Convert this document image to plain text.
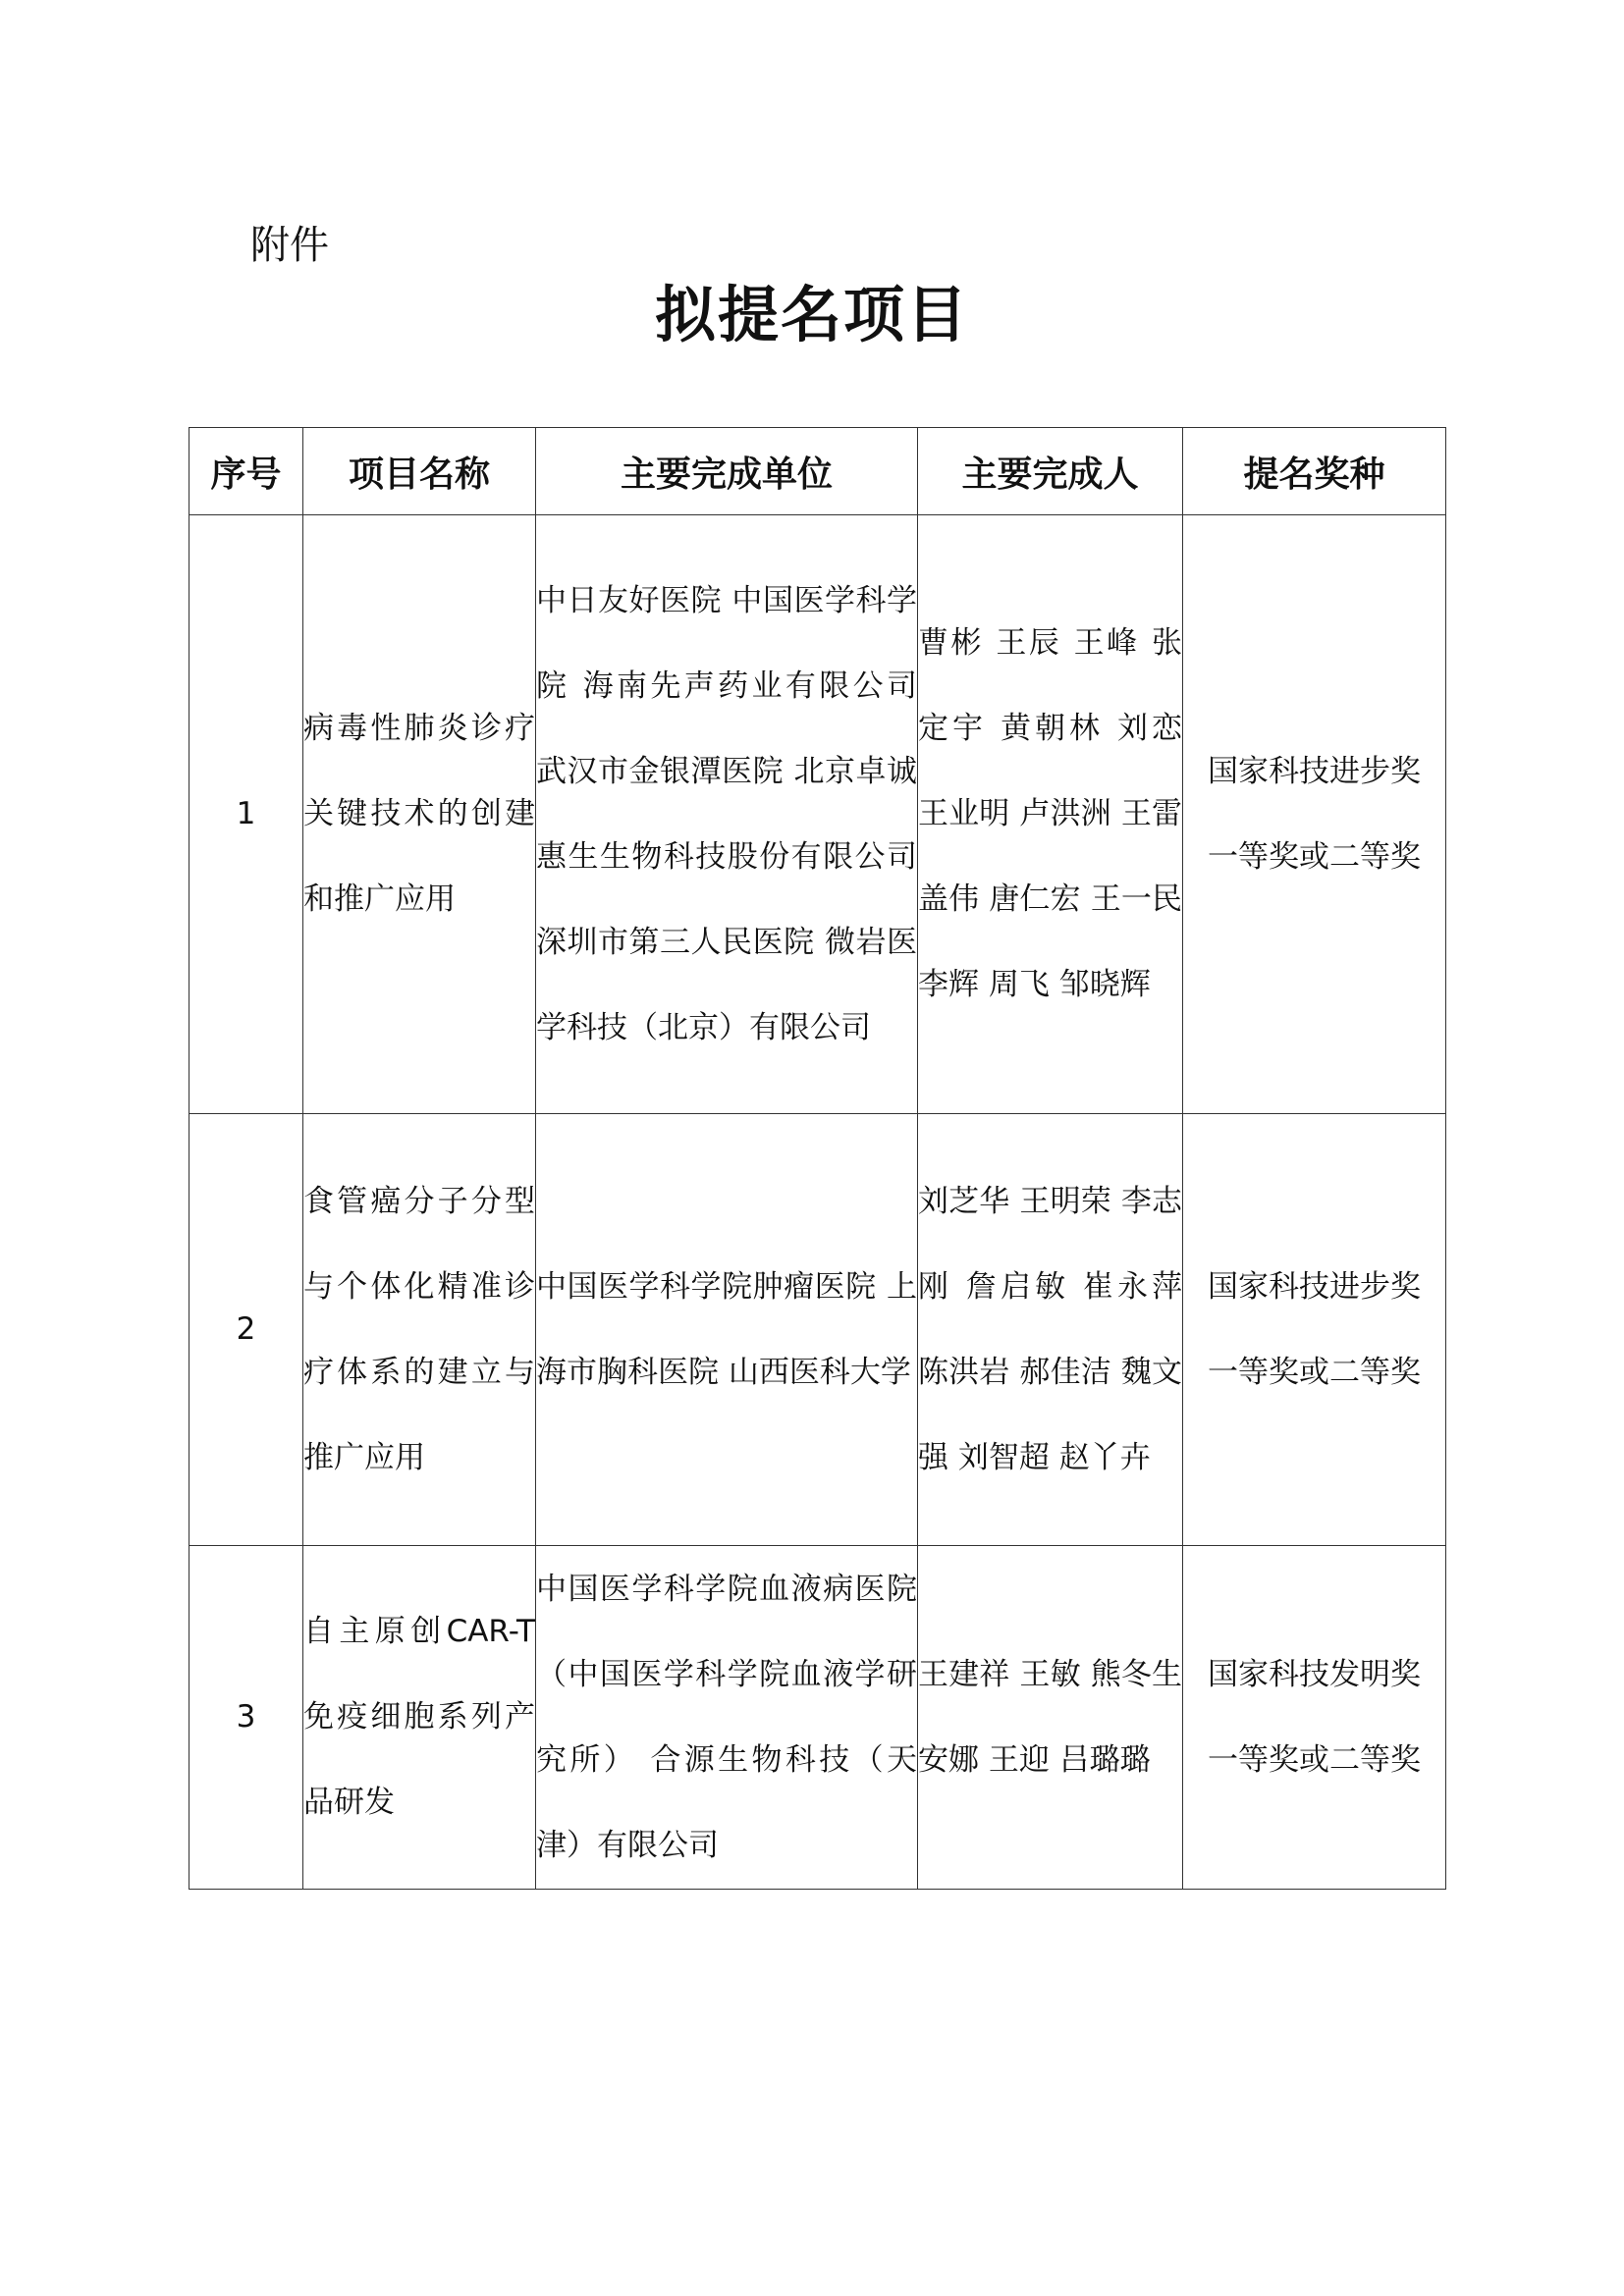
附件
拟提名项目
序号	项目名称	主要完成单位	主要完成人	提名奖种
1	病毒性肺炎诊疗关键技术的创建和推广应用	中日友好医院 中国医学科学院 海南先声药业有限公司 武汉市金银潭医院 北京卓诚惠生生物科技股份有限公司 深圳市第三人民医院 微岩医学科技（北京）有限公司	曹彬 王辰 王峰 张定宇 黄朝林 刘恋 王业明 卢洪洲 王雷 盖伟 唐仁宏 王一民 李辉 周飞 邹晓辉	国家科技进步奖
一等奖或二等奖

2	食管癌分子分型与个体化精准诊疗体系的建立与推广应用	中国医学科学院肿瘤医院 上海市胸科医院 山西医科大学	刘芝华 王明荣 李志刚 詹启敏 崔永萍 陈洪岩 郝佳洁 魏文强 刘智超 赵丫卉	国家科技进步奖
一等奖或二等奖

3	自主原创CAR-T免疫细胞系列产品研发	中国医学科学院血液病医院（中国医学科学院血液学研究所） 合源生物科技（天津）有限公司	王建祥 王敏 熊冬生 安娜 王迎 吕璐璐	国家科技发明奖
一等奖或二等奖
